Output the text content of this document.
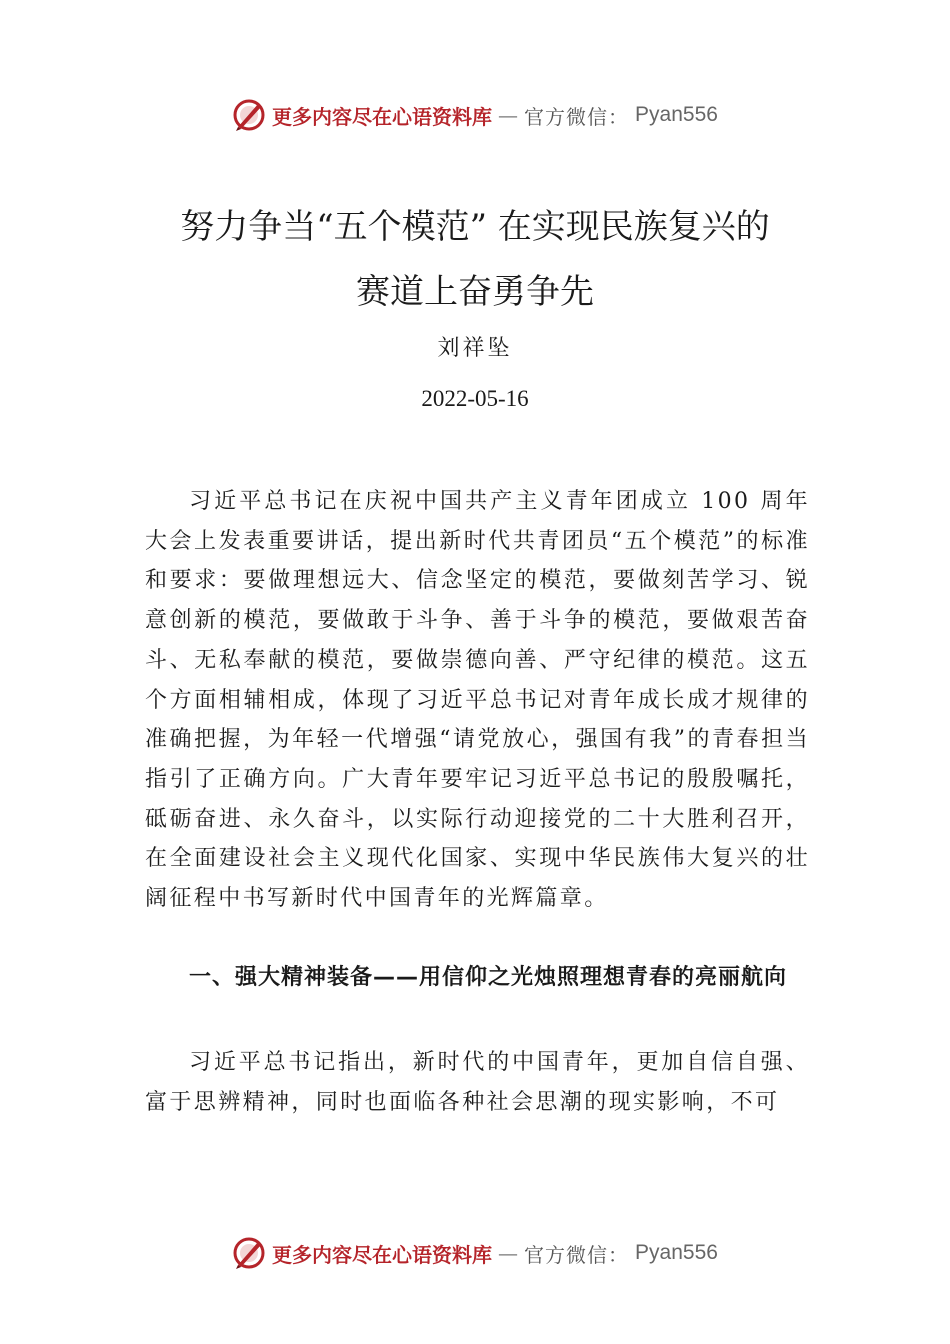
更多内容尽在心语资料库 — 官方微信： Pyan556
努力争当“五个模范” 在实现民族复兴的
赛道上奋勇争先
刘祥坠
2022-05-16

习近平总书记在庆祝中国共产主义青年团成立 100 周年大会上发表重要讲话，提出新时代共青团员“五个模范”的标准和要求：要做理想远大、信念坚定的模范，要做刻苦学习、锐意创新的模范，要做敢于斗争、善于斗争的模范，要做艰苦奋斗、无私奉献的模范，要做崇德向善、严守纪律的模范。这五个方面相辅相成，体现了习近平总书记对青年成长成才规律的准确把握，为年轻一代增强“请党放心，强国有我”的青春担当指引了正确方向。广大青年要牢记习近平总书记的殷殷嘱托，砥砺奋进、永久奋斗，以实际行动迎接党的二十大胜利召开，在全面建设社会主义现代化国家、实现中华民族伟大复兴的壮阔征程中书写新时代中国青年的光辉篇章。

一、强大精神装备——用信仰之光烛照理想青春的亮丽航向

习近平总书记指出，新时代的中国青年，更加自信自强、富于思辨精神，同时也面临各种社会思潮的现实影响，不可

更多内容尽在心语资料库 — 官方微信： Pyan556
